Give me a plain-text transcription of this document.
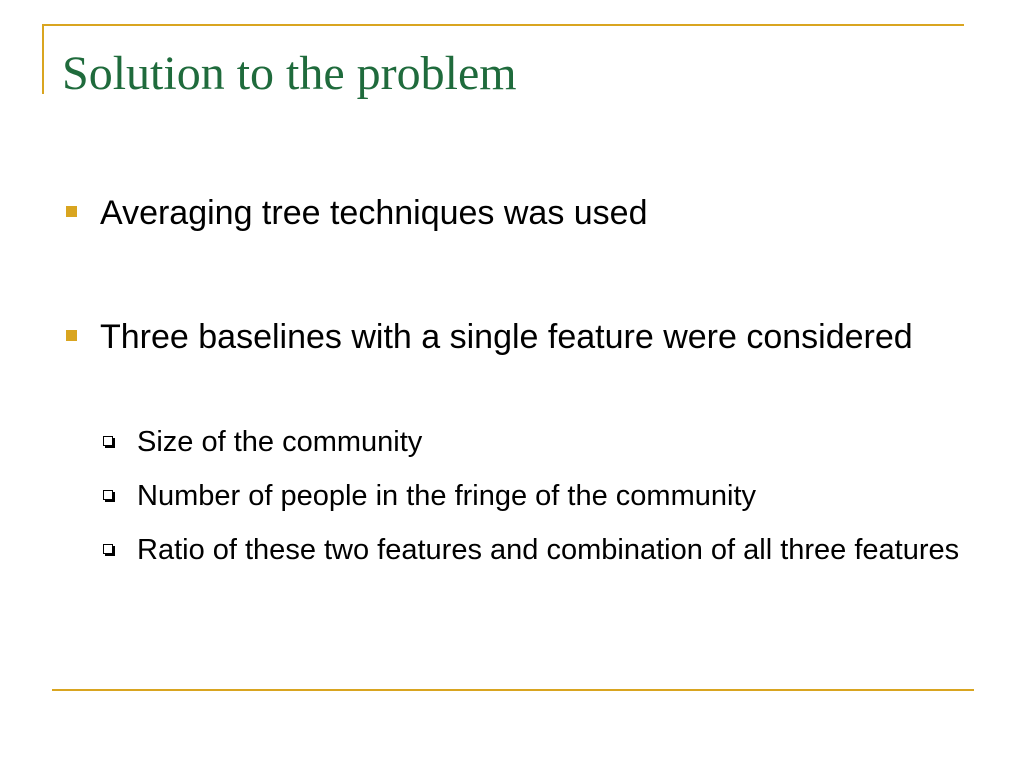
Solution to the problem
Averaging tree techniques was used
Three baselines with a single feature were considered
Size of the community
Number of people in the fringe of the community
Ratio of these two features and combination of all three features
